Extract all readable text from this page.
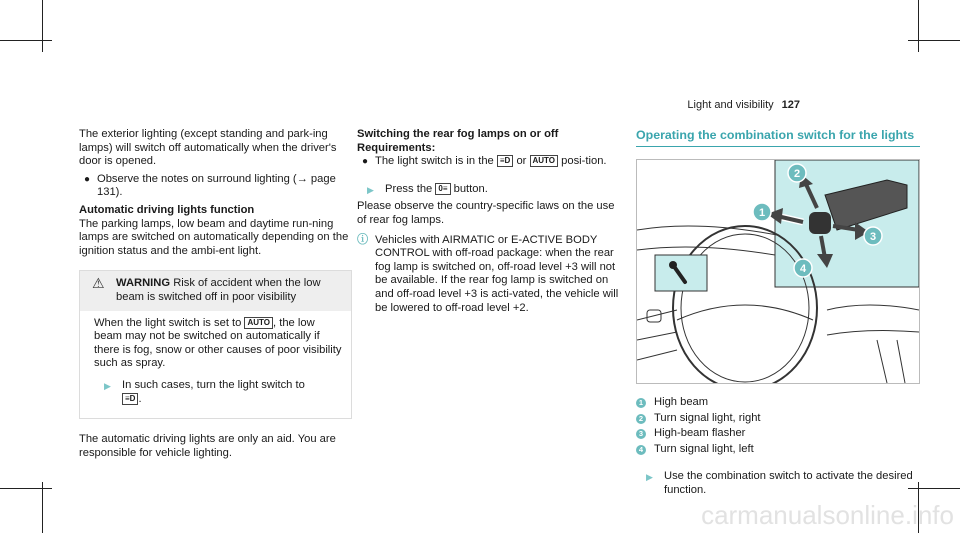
Light and visibility 127

The exterior lighting (except standing and park-ing lamps) will switch off automatically when the driver's door is opened.

● Observe the notes on surround lighting (→ page 131).

Automatic driving lights function

The parking lamps, low beam and daytime run-ning lamps are switched on automatically depending on the ignition status and the ambi-ent light.

⚠ WARNING Risk of accident when the low beam is switched off in poor visibility
When the light switch is set to AUTO , the low beam may not be switched on automatically if there is fog, snow or other causes of poor visibility such as spray.
▶ In such cases, turn the light switch to
≡D .

The automatic driving lights are only an aid. You are responsible for vehicle lighting.

Switching the rear fog lamps on or off

Requirements:

● The light switch is in the ≡D or AUTO posi-tion.
▶ Press the 0≡ button.

Please observe the country-specific laws on the use of rear fog lamps.

ⓘ Vehicles with AIRMATIC or E-ACTIVE BODY CONTROL with off-road package: when the rear fog lamp is switched on, off-road level +3 will not be available. If the rear fog lamp is switched on and off-road level +3 is acti-vated, the vehicle will be lowered to off-road level +2.
Operating the combination switch for the lights
1
2
3
4
1 High beam
2 Turn signal light, right
3 High-beam flasher
4 Turn signal light, left
▶ Use the combination switch to activate the desired function.
carmanualsonline.info
